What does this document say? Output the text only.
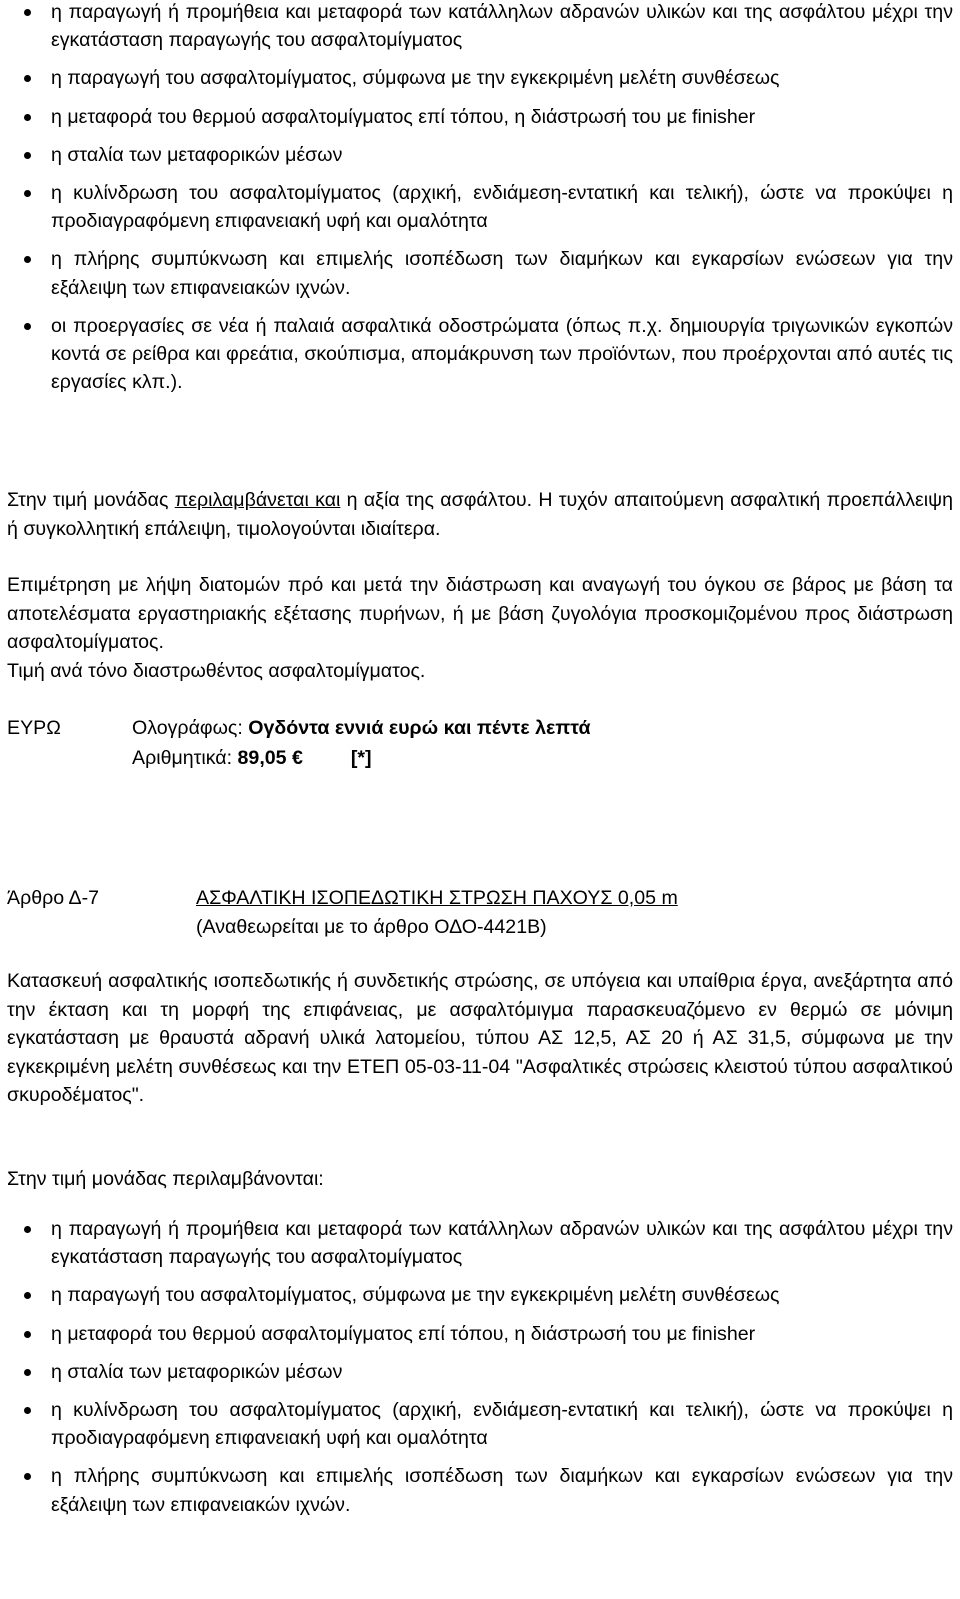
η παραγωγή ή προμήθεια και μεταφορά των κατάλληλων αδρανών υλικών και της ασφάλτου μέχρι την εγκατάσταση παραγωγής του ασφαλτομίγματος
η παραγωγή του ασφαλτομίγματος, σύμφωνα με την εγκεκριμένη μελέτη συνθέσεως
η μεταφορά του θερμού ασφαλτομίγματος επί τόπου, η διάστρωσή του με finisher
η σταλία των μεταφορικών μέσων
η κυλίνδρωση του ασφαλτομίγματος (αρχική, ενδιάμεση-εντατική και τελική), ώστε να προκύψει η προδιαγραφόμενη επιφανειακή υφή και ομαλότητα
η πλήρης συμπύκνωση και επιμελής ισοπέδωση των διαμήκων και εγκαρσίων ενώσεων για την εξάλειψη των επιφανειακών ιχνών.
οι προεργασίες σε νέα ή παλαιά ασφαλτικά οδοστρώματα (όπως π.χ. δημιουργία τριγωνικών εγκοπών κοντά σε ρείθρα και φρεάτια, σκούπισμα, απομάκρυνση των προϊόντων, που προέρχονται από αυτές τις εργασίες κλπ.).

Στην τιμή μονάδας περιλαμβάνεται και η αξία της ασφάλτου. Η τυχόν απαιτούμενη ασφαλτική προεπάλλειψη ή συγκολλητική επάλειψη, τιμολογούνται ιδιαίτερα.

Επιμέτρηση με λήψη διατομών πρό και μετά την διάστρωση και αναγωγή του όγκου σε βάρος με βάση τα αποτελέσματα εργαστηριακής εξέτασης πυρήνων, ή με βάση ζυγολόγια προσκομιζομένου προς διάστρωση ασφαλτομίγματος.
Τιμή ανά τόνο διαστρωθέντος ασφαλτομίγματος.

ΕΥΡΩ	Ολογράφως: Ογδόντα εννιά ευρώ και πέντε λεπτά
Αριθμητικά: 89,05 € [*]
Άρθρο Δ-7	ΑΣΦΑΛΤΙΚΗ ΙΣΟΠΕΔΩΤΙΚΗ ΣΤΡΩΣΗ ΠΑΧΟΥΣ 0,05 m
(Αναθεωρείται με το άρθρο ΟΔΟ-4421Β)

Κατασκευή ασφαλτικής ισοπεδωτικής ή συνδετικής στρώσης, σε υπόγεια και υπαίθρια έργα, ανεξάρτητα από την έκταση και τη μορφή της επιφάνειας, με ασφαλτόμιγμα παρασκευαζόμενο εν θερμώ σε μόνιμη εγκατάσταση με θραυστά αδρανή υλικά λατομείου, τύπου ΑΣ 12,5, ΑΣ 20 ή ΑΣ 31,5, σύμφωνα με την εγκεκριμένη μελέτη συνθέσεως και την ΕΤΕΠ 05-03-11-04 "Ασφαλτικές στρώσεις κλειστού τύπου ασφαλτικού σκυροδέματος".

Στην τιμή μονάδας περιλαμβάνονται:

η παραγωγή ή προμήθεια και μεταφορά των κατάλληλων αδρανών υλικών και της ασφάλτου μέχρι την εγκατάσταση παραγωγής του ασφαλτομίγματος
η παραγωγή του ασφαλτομίγματος, σύμφωνα με την εγκεκριμένη μελέτη συνθέσεως
η μεταφορά του θερμού ασφαλτομίγματος επί τόπου, η διάστρωσή του με finisher
η σταλία των μεταφορικών μέσων
η κυλίνδρωση του ασφαλτομίγματος (αρχική, ενδιάμεση-εντατική και τελική), ώστε να προκύψει η προδιαγραφόμενη επιφανειακή υφή και ομαλότητα
η πλήρης συμπύκνωση και επιμελής ισοπέδωση των διαμήκων και εγκαρσίων ενώσεων για την εξάλειψη των επιφανειακών ιχνών.
